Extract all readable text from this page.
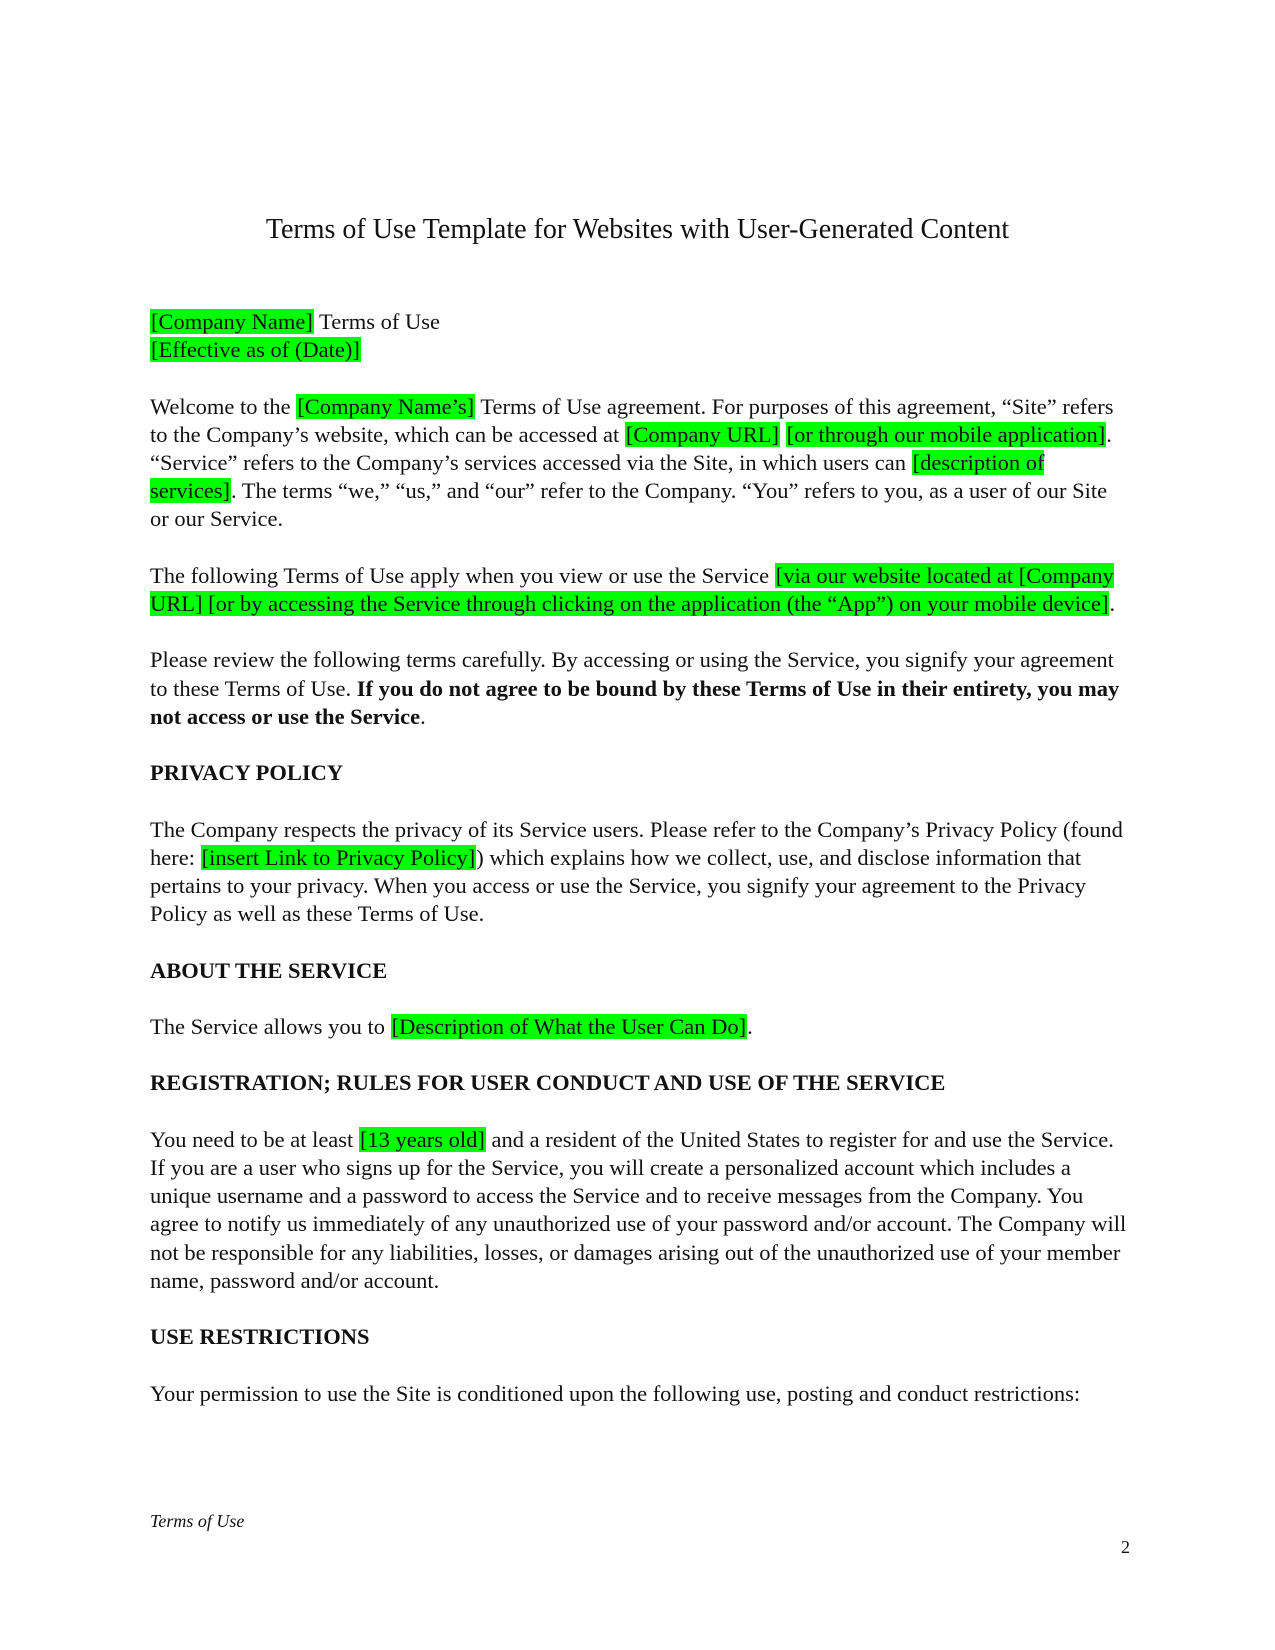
Terms of Use Template for Websites with User-Generated Content

[Company Name] Terms of Use

[Effective as of (Date)]

Welcome to the [Company Name’s] Terms of Use agreement. For purposes of this agreement, “Site” refers to the Company’s website, which can be accessed at [Company URL] [or through our mobile application]. “Service” refers to the Company’s services accessed via the Site, in which users can [description of services]. The terms “we,” “us,” and “our” refer to the Company. “You” refers to you, as a user of our Site or our Service.

The following Terms of Use apply when you view or use the Service [via our website located at [Company URL] [or by accessing the Service through clicking on the application (the “App”) on your mobile device].

Please review the following terms carefully. By accessing or using the Service, you signify your agreement to these Terms of Use. If you do not agree to be bound by these Terms of Use in their entirety, you may not access or use the Service.

PRIVACY POLICY

The Company respects the privacy of its Service users. Please refer to the Company’s Privacy Policy (found here: [insert Link to Privacy Policy]) which explains how we collect, use, and disclose information that pertains to your privacy. When you access or use the Service, you signify your agreement to the Privacy Policy as well as these Terms of Use.

ABOUT THE SERVICE

The Service allows you to [Description of What the User Can Do].

REGISTRATION; RULES FOR USER CONDUCT AND USE OF THE SERVICE

You need to be at least [13 years old] and a resident of the United States to register for and use the Service.

If you are a user who signs up for the Service, you will create a personalized account which includes a unique username and a password to access the Service and to receive messages from the Company. You agree to notify us immediately of any unauthorized use of your password and/or account. The Company will not be responsible for any liabilities, losses, or damages arising out of the unauthorized use of your member name, password and/or account.

USE RESTRICTIONS

Your permission to use the Site is conditioned upon the following use, posting and conduct restrictions:

Terms of Use
2
